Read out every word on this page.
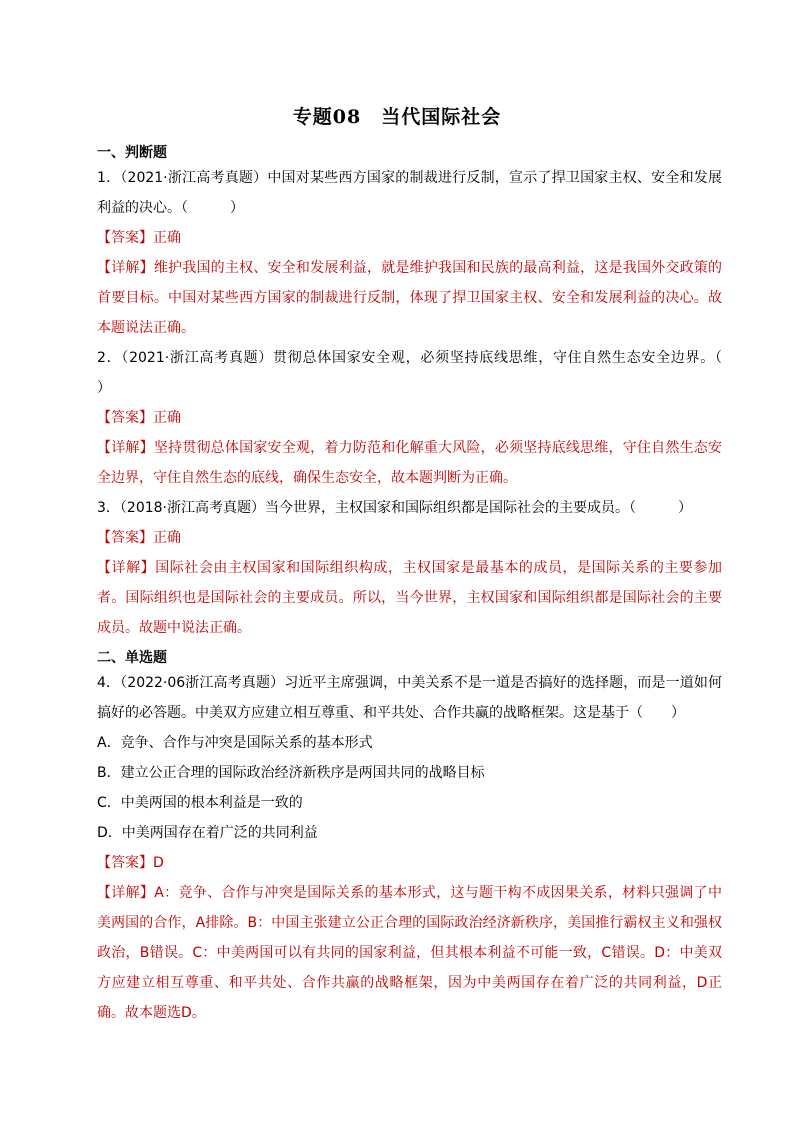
专题08　当代国际社会
一、判断题

1．（2021·浙江高考真题）中国对某些西方国家的制裁进行反制，宣示了捍卫国家主权、安全和发展利益的决心。（　　　）

【答案】正确

【详解】维护我国的主权、安全和发展利益，就是维护我国和民族的最高利益，这是我国外交政策的首要目标。中国对某些西方国家的制裁进行反制，体现了捍卫国家主权、安全和发展利益的决心。故本题说法正确。

2．（2021·浙江高考真题）贯彻总体国家安全观，必须坚持底线思维，守住自然生态安全边界。（　　）

【答案】正确

【详解】坚持贯彻总体国家安全观，着力防范和化解重大风险，必须坚持底线思维，守住自然生态安全边界，守住自然生态的底线，确保生态安全，故本题判断为正确。

3．（2018·浙江高考真题）当今世界，主权国家和国际组织都是国际社会的主要成员。（　　　）

【答案】正确

【详解】国际社会由主权国家和国际组织构成，主权国家是最基本的成员，是国际关系的主要参加者。国际组织也是国际社会的主要成员。所以，当今世界，主权国家和国际组织都是国际社会的主要成员。故题中说法正确。

二、单选题

4．（2022·06浙江高考真题）习近平主席强调，中美关系不是一道是否搞好的选择题，而是一道如何搞好的必答题。中美双方应建立相互尊重、和平共处、合作共赢的战略框架。这是基于（　　）

A．竞争、合作与冲突是国际关系的基本形式

B．建立公正合理的国际政治经济新秩序是两国共同的战略目标

C．中美两国的根本利益是一致的

D．中美两国存在着广泛的共同利益

【答案】D

【详解】A：竞争、合作与冲突是国际关系的基本形式，这与题干构不成因果关系，材料只强调了中美两国的合作，A排除。B：中国主张建立公正合理的国际政治经济新秩序，美国推行霸权主义和强权政治，B错误。C：中美两国可以有共同的国家利益，但其根本利益不可能一致，C错误。D：中美双方应建立相互尊重、和平共处、合作共赢的战略框架，因为中美两国存在着广泛的共同利益，D正确。故本题选D。
